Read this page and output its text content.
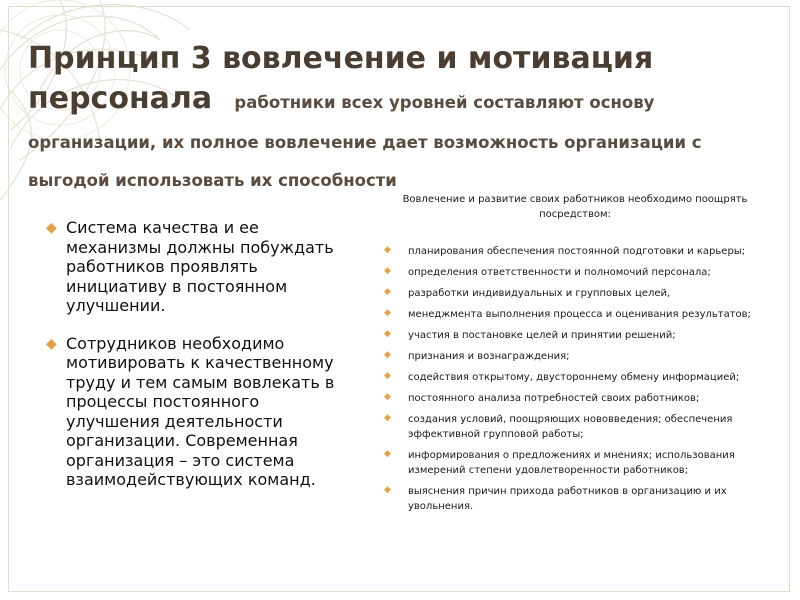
Принцип 3 вовлечение и мотивация персонала работники всех уровней составляют основу организации, их полное вовлечение дает возможность организации с выгодой использовать их способности
◆ Система качества и ее механизмы должны побуждать работников проявлять инициативу в постоянном улучшении.
◆ Сотрудников необходимо мотивировать к качественному труду и тем самым вовлекать в процессы постоянного улучшения деятельности организации. Современная организация – это система взаимодействующих команд.

Вовлечение и развитие своих работников необходимо поощрять посредством:

◆ планирования обеспечения постоянной подготовки и карьеры;
◆ определения ответственности и полномочий персонала;
◆ разработки индивидуальных и групповых целей,
◆ менеджмента выполнения процесса и оценивания результатов;
◆ участия в постановке целей и принятии решений;
◆ признания и вознаграждения;
◆ содействия открытому, двустороннему обмену информацией;
◆ постоянного анализа потребностей своих работников;
◆ создания условий, поощряющих нововведения; обеспечения эффективной групповой работы;
◆ информирования о предложениях и мнениях; использования измерений степени удовлетворенности работников;
◆ выяснения причин прихода работников в организацию и их увольнения.
